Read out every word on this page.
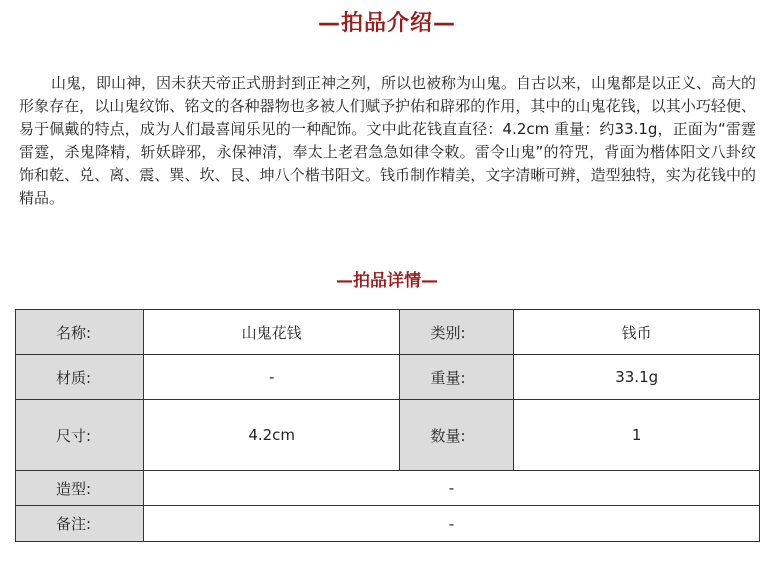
—拍品介绍—

山鬼，即山神，因未获天帝正式册封到正神之列，所以也被称为山鬼。自古以来，山鬼都是以正义、高大的形象存在，以山鬼纹饰、铭文的各种器物也多被人们赋予护佑和辟邪的作用，其中的山鬼花钱，以其小巧轻便、易于佩戴的特点，成为人们最喜闻乐见的一种配饰。文中此花钱直直径：4.2cm 重量：约33.1g，正面为“雷霆雷霆，杀鬼降精，斩妖辟邪，永保神清，奉太上老君急急如律令敕。雷令山鬼”的符咒，背面为楷体阳文八卦纹饰和乾、兑、离、震、巽、坎、艮、坤八个楷书阳文。钱币制作精美，文字清晰可辨，造型独特，实为花钱中的精品。

—拍品详情—
名称:	山鬼花钱	类别:	钱币
材质:	-	重量:	33.1g
尺寸:	4.2cm	数量:	1
造型:	-		
备注:	-		
